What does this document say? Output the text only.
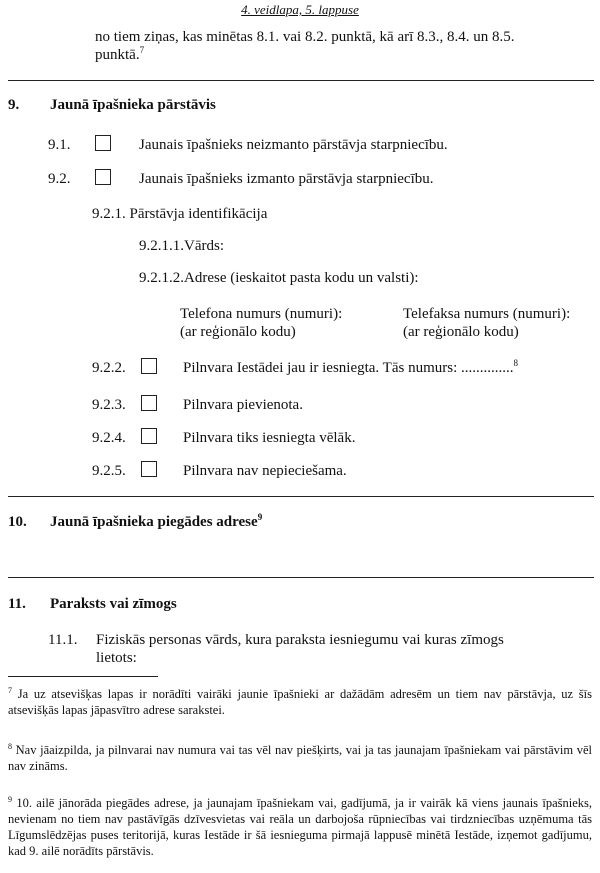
4. veidlapa, 5. lappuse
no tiem ziņas, kas minētas 8.1. vai 8.2. punktā, kā arī 8.3., 8.4. un 8.5.
punktā.$^7$
9. Jaunā īpašnieka pārstāvis
9.1.	Jaunais īpašnieks neizmanto pārstāvja starpniecību.
9.2.	Jaunais īpašnieks izmanto pārstāvja starpniecību.
9.2.1. Pārstāvja identifikācija
9.2.1.1.Vārds:
9.2.1.2.Adrese (ieskaitot pasta kodu un valsti):
Telefona numurs (numuri):
(ar reģionālo kodu)
Telefaksa numurs (numuri):
(ar reģionālo kodu)
9.2.2.	Pilnvara Iestādei jau ir iesniegta. Tās numurs: ..............$^8$
9.2.3.	Pilnvara pievienota.
9.2.4.	Pilnvara tiks iesniegta vēlāk.
9.2.5.	Pilnvara nav nepieciešama.
10. Jaunā īpašnieka piegādes adrese$^9$
11. Paraksts vai zīmogs
11.1. Fiziskās personas vārds, kura paraksta iesniegumu vai kuras zīmogs
lietots:
$^7$ Ja uz atsevišķas lapas ir norādīti vairāki jaunie īpašnieki ar dažādām adresēm un tiem nav pārstāvja, uz šīs atsevišķās lapas jāpasvītro adrese sarakstei.
$^8$ Nav jāaizpilda, ja pilnvarai nav numura vai tas vēl nav piešķirts, vai ja tas jaunajam īpašniekam vai pārstāvim vēl nav zināms.
$^9$ 10. ailē jānorāda piegādes adrese, ja jaunajam īpašniekam vai, gadījumā, ja ir vairāk kā viens jaunais īpašnieks, nevienam no tiem nav pastāvīgās dzīvesvietas vai reāla un darbojoša rūpniecības vai tirdzniecības uzņēmuma tās Līgumslēdzējas puses teritorijā, kuras Iestāde ir šā iesnieguma pirmajā lappusē minētā Iestāde, izņemot gadījumu, kad 9. ailē norādīts pārstāvis.
